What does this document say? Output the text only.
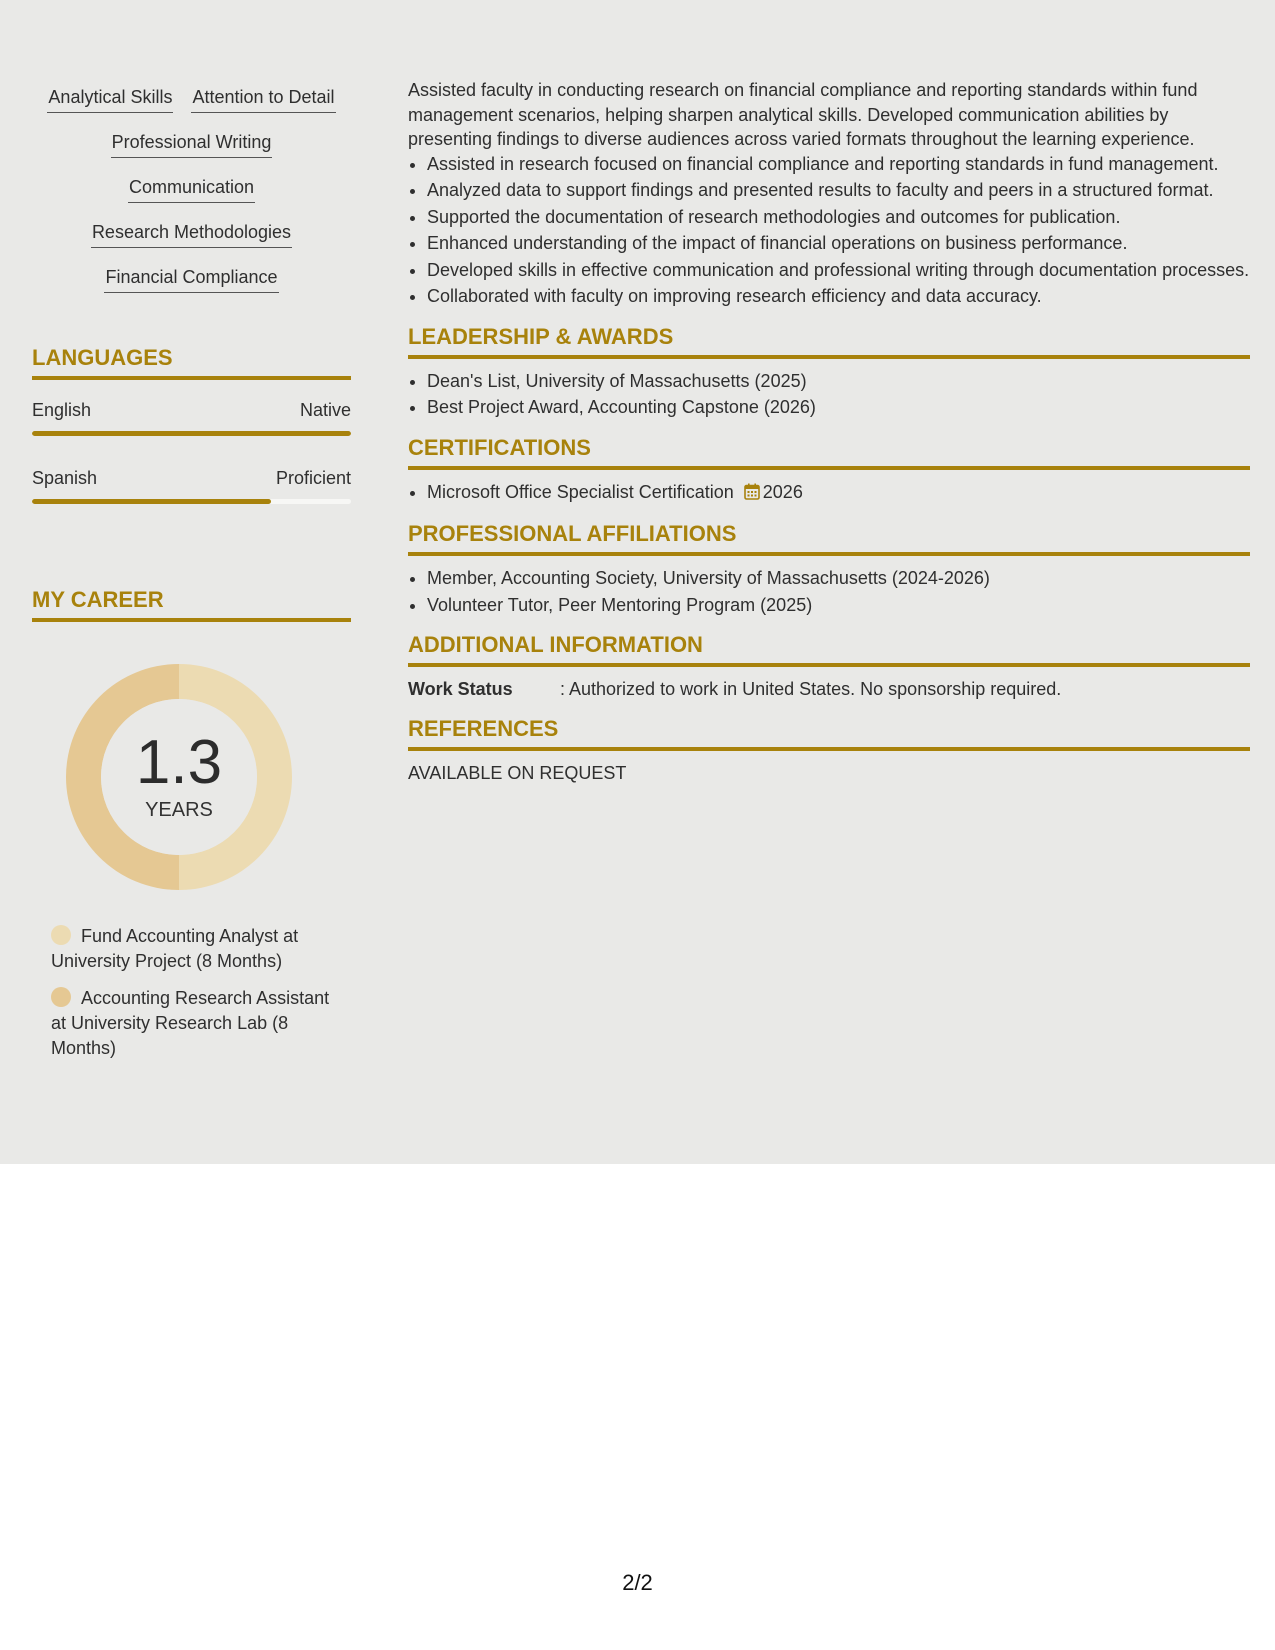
Analytical Skills Attention to Detail
Professional Writing
Communication
Research Methodologies
Financial Compliance
LANGUAGES
English	Native
Spanish	Proficient
MY CAREER
1.3
YEARS
Fund Accounting Analyst at University Project (8 Months)
Accounting Research Assistant at University Research Lab (8 Months)

Assisted faculty in conducting research on financial compliance and reporting standards within fund management scenarios, helping sharpen analytical skills. Developed communication abilities by presenting findings to diverse audiences across varied formats throughout the learning experience.

• Assisted in research focused on financial compliance and reporting standards in fund management.
• Analyzed data to support findings and presented results to faculty and peers in a structured format.
• Supported the documentation of research methodologies and outcomes for publication.
• Enhanced understanding of the impact of financial operations on business performance.
• Developed skills in effective communication and professional writing through documentation processes.
• Collaborated with faculty on improving research efficiency and data accuracy.
LEADERSHIP & AWARDS
• Dean's List, University of Massachusetts (2025)
• Best Project Award, Accounting Capstone (2026)
CERTIFICATIONS
• Microsoft Office Specialist Certification 2026
PROFESSIONAL AFFILIATIONS
• Member, Accounting Society, University of Massachusetts (2024-2026)
• Volunteer Tutor, Peer Mentoring Program (2025)
ADDITIONAL INFORMATION
Work Status	: Authorized to work in United States. No sponsorship required.
REFERENCES
AVAILABLE ON REQUEST
2/2
